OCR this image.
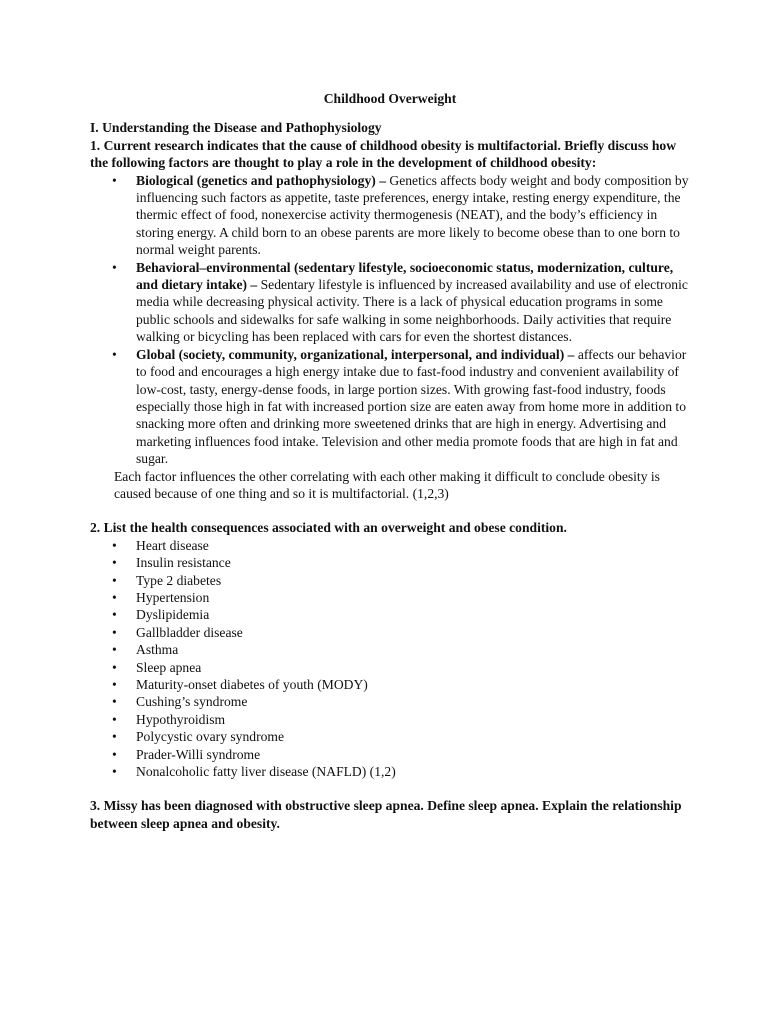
Childhood Overweight

I. Understanding the Disease and Pathophysiology

1. Current research indicates that the cause of childhood obesity is multifactorial. Briefly discuss how the following factors are thought to play a role in the development of childhood obesity:

• Biological (genetics and pathophysiology) – Genetics affects body weight and body composition by influencing such factors as appetite, taste preferences, energy intake, resting energy expenditure, the thermic effect of food, nonexercise activity thermogenesis (NEAT), and the body’s efficiency in storing energy. A child born to an obese parents are more likely to become obese than to one born to normal weight parents.
• Behavioral–environmental (sedentary lifestyle, socioeconomic status, modernization, culture, and dietary intake) – Sedentary lifestyle is influenced by increased availability and use of electronic media while decreasing physical activity. There is a lack of physical education programs in some public schools and sidewalks for safe walking in some neighborhoods. Daily activities that require walking or bicycling has been replaced with cars for even the shortest distances.
• Global (society, community, organizational, interpersonal, and individual) – affects our behavior to food and encourages a high energy intake due to fast-food industry and convenient availability of low-cost, tasty, energy-dense foods, in large portion sizes. With growing fast-food industry, foods especially those high in fat with increased portion size are eaten away from home more in addition to snacking more often and drinking more sweetened drinks that are high in energy. Advertising and marketing influences food intake. Television and other media promote foods that are high in fat and sugar.

Each factor influences the other correlating with each other making it difficult to conclude obesity is caused because of one thing and so it is multifactorial. (1,2,3)

2. List the health consequences associated with an overweight and obese condition.

• Heart disease
• Insulin resistance
• Type 2 diabetes
• Hypertension
• Dyslipidemia
• Gallbladder disease
• Asthma
• Sleep apnea
• Maturity-onset diabetes of youth (MODY)
• Cushing’s syndrome
• Hypothyroidism
• Polycystic ovary syndrome
• Prader-Willi syndrome
• Nonalcoholic fatty liver disease (NAFLD) (1,2)

3. Missy has been diagnosed with obstructive sleep apnea. Define sleep apnea. Explain the relationship between sleep apnea and obesity.
